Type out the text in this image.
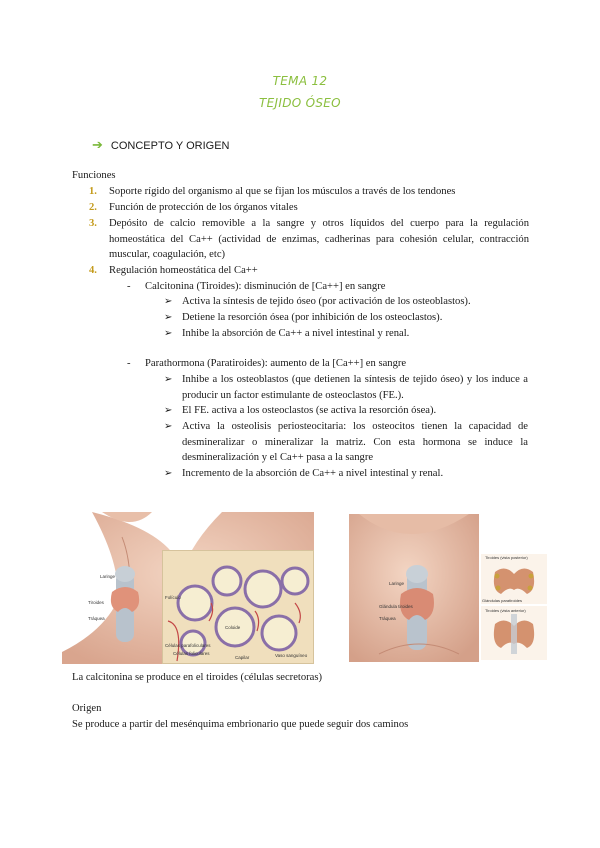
TEMA 12
TEJIDO ÓSEO
➔ CONCEPTO Y ORIGEN
Funciones
1. Soporte rígido del organismo al que se fijan los músculos a través de los tendones
2. Función de protección de los órganos vitales
3. Depósito de calcio removible a la sangre y otros líquidos del cuerpo para la regulación homeostática del Ca++ (actividad de enzimas, cadherinas para cohesión celular, contracción muscular, coagulación, etc)
4. Regulación homeostática del Ca++
- Calcitonina (Tiroides): disminución de [Ca++] en sangre
➢ Activa la síntesis de tejido óseo (por activación de los osteoblastos).
➢ Detiene la resorción ósea (por inhibición de los osteoclastos).
➢ Inhibe la absorción de Ca++ a nivel intestinal y renal.
- Parathormona (Paratiroides): aumento de la [Ca++] en sangre
➢ Inhibe a los osteoblastos (que detienen la síntesis de tejido óseo) y los induce a producir un factor estimulante de osteoclastos (FE.).
➢ El FE. activa a los osteoclastos (se activa la resorción ósea).
➢ Activa la osteolisis periosteocitaria: los osteocitos tienen la capacidad de desmineralizar o mineralizar la matriz. Con esta hormona se induce la desmineralización y el Ca++ pasa a la sangre
➢ Incremento de la absorción de Ca++ a nivel intestinal y renal.
Laringe
Tiroides
Tráquea
Folículo
Coloide
Células foliculares
Células parafoliculares
Capilar	Vaso sanguíneo
Laringe
Glándula tiroides
Tráquea
Tiroides (vista posterior)
Glándulas paratiroides
Tiroides (vista anterior)
La calcitonina se produce en el tiroides (células secretoras)
Origen
Se produce a partir del mesénquima embrionario que puede seguir dos caminos
